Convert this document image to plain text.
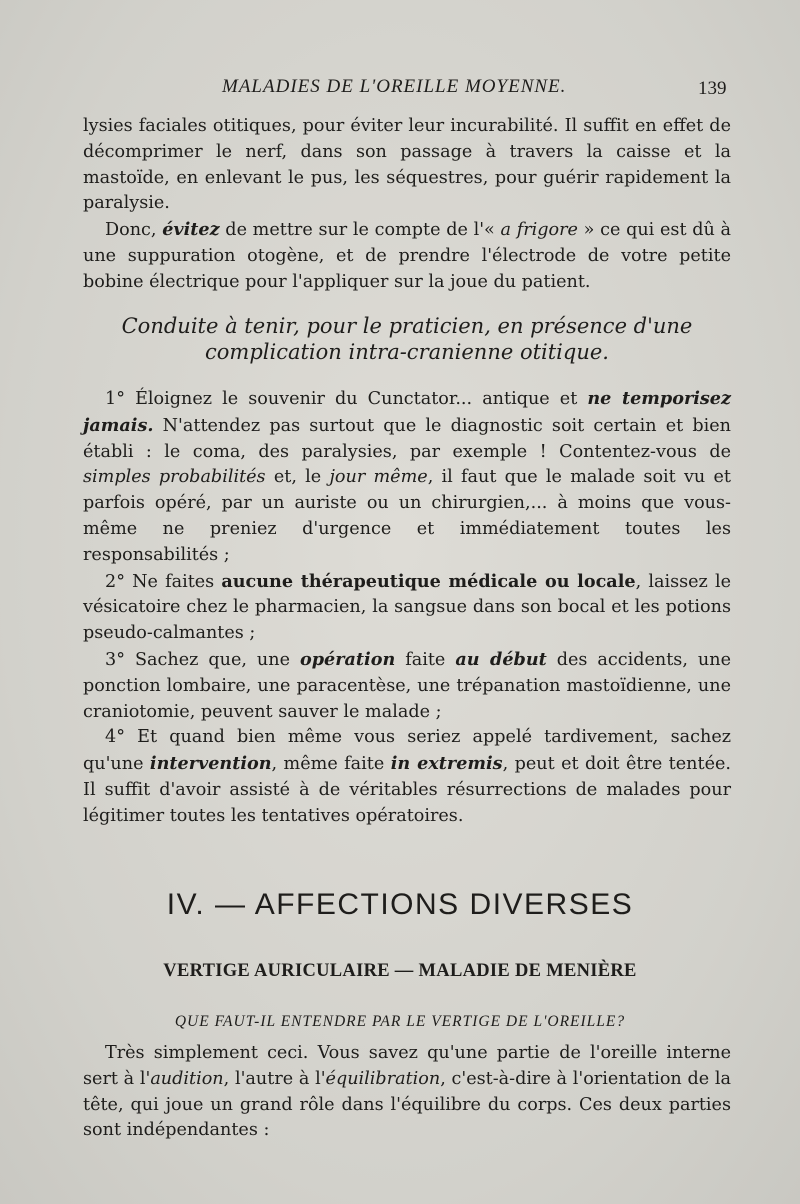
MALADIES DE L'OREILLE MOYENNE.	139

lysies faciales otitiques, pour éviter leur incurabilité. Il suffit en effet de décomprimer le nerf, dans son passage à travers la caisse et la mastoïde, en enlevant le pus, les séquestres, pour guérir rapidement la paralysie.

Donc, évitez de mettre sur le compte de l'« a frigore » ce qui est dû à une suppuration otogène, et de prendre l'électrode de votre petite bobine électrique pour l'appliquer sur la joue du patient.

Conduite à tenir, pour le praticien, en présence d'une complication intra-cranienne otitique.

1° Éloignez le souvenir du Cunctator... antique et ne temporisez jamais. N'attendez pas surtout que le diagnostic soit certain et bien établi : le coma, des paralysies, par exemple ! Contentez-vous de simples probabilités et, le jour même, il faut que le malade soit vu et parfois opéré, par un auriste ou un chirurgien,... à moins que vous-même ne preniez d'urgence et immédiatement toutes les responsabilités ;

2° Ne faites aucune thérapeutique médicale ou locale, laissez le vésicatoire chez le pharmacien, la sangsue dans son bocal et les potions pseudo-calmantes ;

3° Sachez que, une opération faite au début des accidents, une ponction lombaire, une paracentèse, une trépanation mastoïdienne, une craniotomie, peuvent sauver le malade ;

4° Et quand bien même vous seriez appelé tardivement, sachez qu'une intervention, même faite in extremis, peut et doit être tentée. Il suffit d'avoir assisté à de véritables résurrections de malades pour légitimer toutes les tentatives opératoires.

IV. — AFFECTIONS DIVERSES
VERTIGE AURICULAIRE — MALADIE DE MENIÈRE
QUE FAUT-IL ENTENDRE PAR LE VERTIGE DE L'OREILLE?

Très simplement ceci. Vous savez qu'une partie de l'oreille interne sert à l'audition, l'autre à l'équilibration, c'est-à-dire à l'orientation de la tête, qui joue un grand rôle dans l'équilibre du corps. Ces deux parties sont indépendantes :
